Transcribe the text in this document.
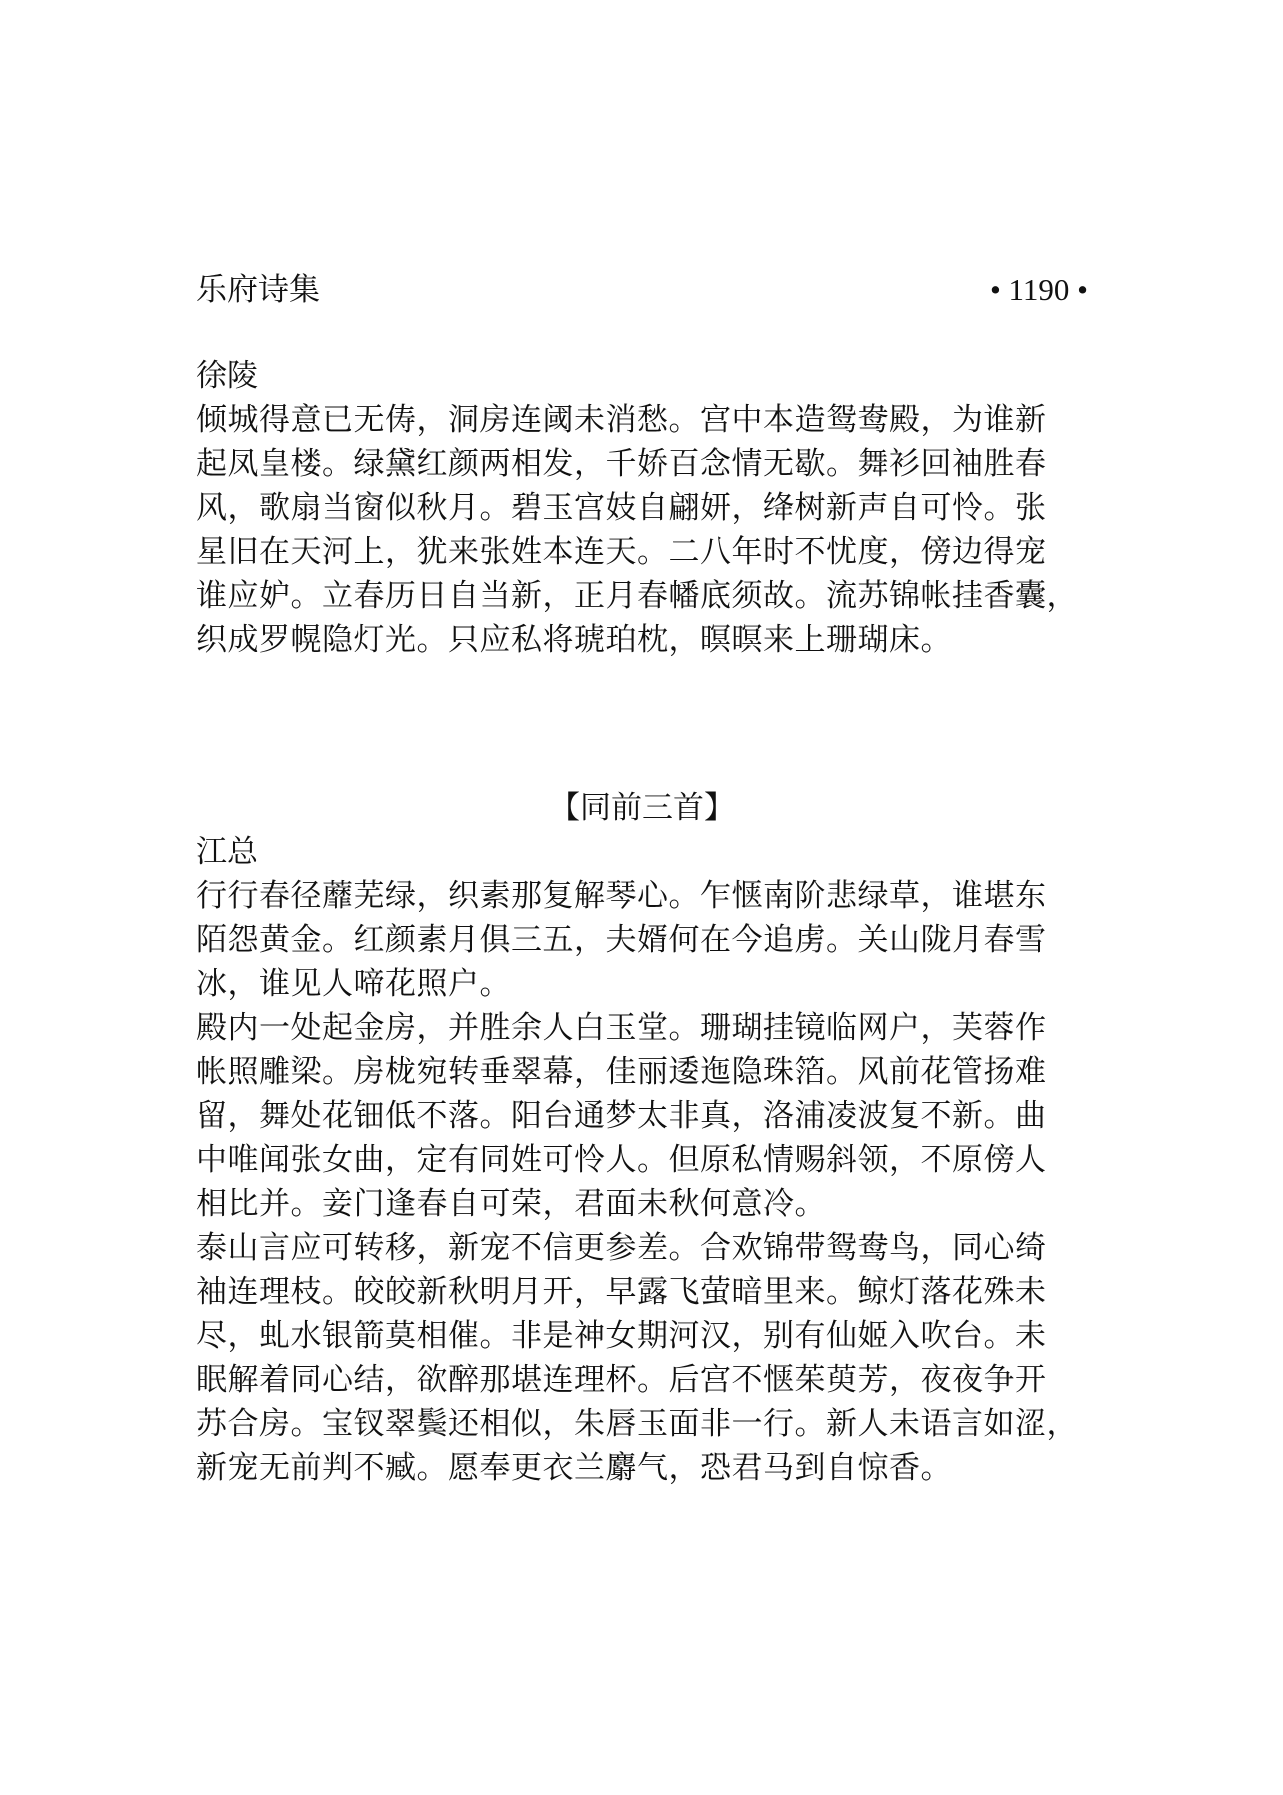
乐府诗集	• 1190 •
徐陵
倾城得意已无俦，洞房连阈未消愁。宫中本造鸳鸯殿，为谁新
起凤皇楼。绿黛红颜两相发，千娇百念情无歇。舞衫回袖胜春
风，歌扇当窗似秋月。碧玉宫妓自翩妍，绛树新声自可怜。张
星旧在天河上，犹来张姓本连天。二八年时不忧度，傍边得宠
谁应妒。立春历日自当新，正月春幡底须故。流苏锦帐挂香囊，
织成罗幌隐灯光。只应私将琥珀枕，暝暝来上珊瑚床。
【同前三首】
江总
行行春径蘼芜绿，织素那复解琴心。乍惬南阶悲绿草，谁堪东
陌怨黄金。红颜素月俱三五，夫婿何在今追虏。关山陇月春雪
冰，谁见人啼花照户。
殿内一处起金房，并胜余人白玉堂。珊瑚挂镜临网户，芙蓉作
帐照雕梁。房栊宛转垂翠幕，佳丽逶迤隐珠箔。风前花管扬难
留，舞处花钿低不落。阳台通梦太非真，洛浦凌波复不新。曲
中唯闻张女曲，定有同姓可怜人。但原私情赐斜领，不原傍人
相比并。妾门逢春自可荣，君面未秋何意冷。
泰山言应可转移，新宠不信更参差。合欢锦带鸳鸯鸟，同心绮
袖连理枝。皎皎新秋明月开，早露飞萤暗里来。鲸灯落花殊未
尽，虬水银箭莫相催。非是神女期河汉，别有仙姬入吹台。未
眠解着同心结，欲醉那堪连理杯。后宫不惬茱萸芳，夜夜争开
苏合房。宝钗翠鬓还相似，朱唇玉面非一行。新人未语言如涩，
新宠无前判不臧。愿奉更衣兰麝气，恐君马到自惊香。
